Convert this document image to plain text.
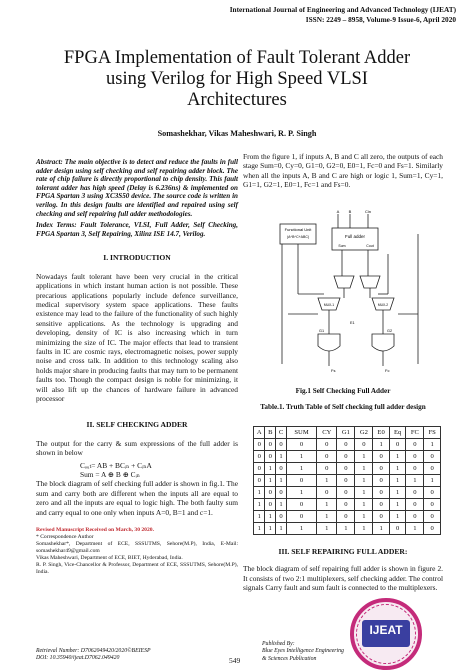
International Journal of Engineering and Advanced Technology (IJEAT)
ISSN: 2249 – 8958, Volume-9 Issue-6, April 2020
FPGA Implementation of Fault Tolerant Adder
using Verilog for High Speed VLSI
Architectures
Somashekhar, Vikas Maheshwari, R. P. Singh

Abstract: The main objective is to detect and reduce the faults in full adder design using self checking and self repairing adder block. The rate of chip failure is directly proportional to chip density. This fault tolerant adder has high speed (Delay is 6.236ns) & implemented on FPGA Spartan 3 using XC3S50 device. The source code is written in verilog. In this design faults are identified and repaired using self checking and self repairing full adder methodologies.

Index Terms: Fault Tolerance, VLSI, Full Adder, Self Checking, FPGA Spartan 3, Self Repairing, Xilinz ISE 14.7, Verilog.

I. INTRODUCTION

Nowadays fault tolerant have been very crucial in the critical applications in which instant human action is not possible. These precarious applications popularly include defence surveillance, medical supervisory system space applications. These faults existence may lead to the failure of the functionality of such highly sensitive applications. As the technology is upgrading and developing, density of IC is also increasing which in turn minimizing the size of IC. The major effects that lead to transient faults in IC are cosmic rays, electromagnetic noises, power supply noise and cross talk. In addition to this technology scaling also holds major share in producing faults that may turn to be permanent faults too. Though the compact design is noble for minimizing, it will also lift up the chances of hardware failure in advanced processor

II. SELF CHECKING ADDER

The output for the carry & sum expressions of the full adder is shown in below

Cₒᵤₜ= AB + BCᵢₙ + CᵢₙA

Sum = A ⊕ B ⊕ Cᵢₙ

The block diagram of self checking full adder is shown in fig.1. The sum and carry both are different when the inputs all are equal to zero and all the inputs are equal to logic high. The both faulty sum and carry equal to one only when inputs A=0, B=1 and c=1.

Revised Manuscript Received on March, 30 2020.

* Correspondence Author

Somashekhar*, Department of ECE, SSSUTMS, Sehore(M.P), India, E-Mail: somashekhar49@gmail.com

Vikas Maheshwari, Department of ECE, BIET, Hyderabad, India.

R. P. Singh, Vice-Chancellor & Professor, Department of ECE, SSSUTMS, Sehore(M.P), India.

From the figure 1, if inputs A, B and C all zero, the outputs of each stage Sum=0, Cy=0, G1=0, G2=0, E0=1, Fc=0 and Fs=1. Similarly when all the inputs A, B and C are high or logic 1, Sum=1, Cy=1, G1=1, G2=1, E0=1, Fc=1 and Fs=0.
Functional Unit
(A^B^C+ABC)	Full adder
Sum	Cout
A B	Cin
MUX-1	MUX-2
G1	G2
E1
Fs	Fc
Fig.1 Self Checking Full Adder
Table.1. Truth Table of Self checking full adder design
A	B	C	SUM	CY	G1	G2	E0	Eq	FC	FS
0	0	0	0	0	0	0	1	0	0	1
0	0	1	1	0	0	1	0	1	0	0
0	1	0	1	0	0	1	0	1	0	0
0	1	1	0	1	0	1	0	1	1	1
1	0	0	1	0	0	1	0	1	0	0
1	0	1	0	1	0	1	0	1	0	0
1	1	0	0	1	0	1	0	1	0	0
1	1	1	1	1	1	1	1	0	1	0

III. SELF REPAIRING FULL ADDER:

The block diagram of self repairing full adder is shown in figure 2. It consists of two 2:1 multiplexers, self checking adder. The control signals Carry fault and sum fault is connected to the multiplexers.

Retrieval Number: D7062049420/2020©BEIESP
DOI: 10.35940/ijeat.D7062.049420	549
Published By:
Blue Eyes Intelligence Engineering
& Sciences Publication
IJEAT
